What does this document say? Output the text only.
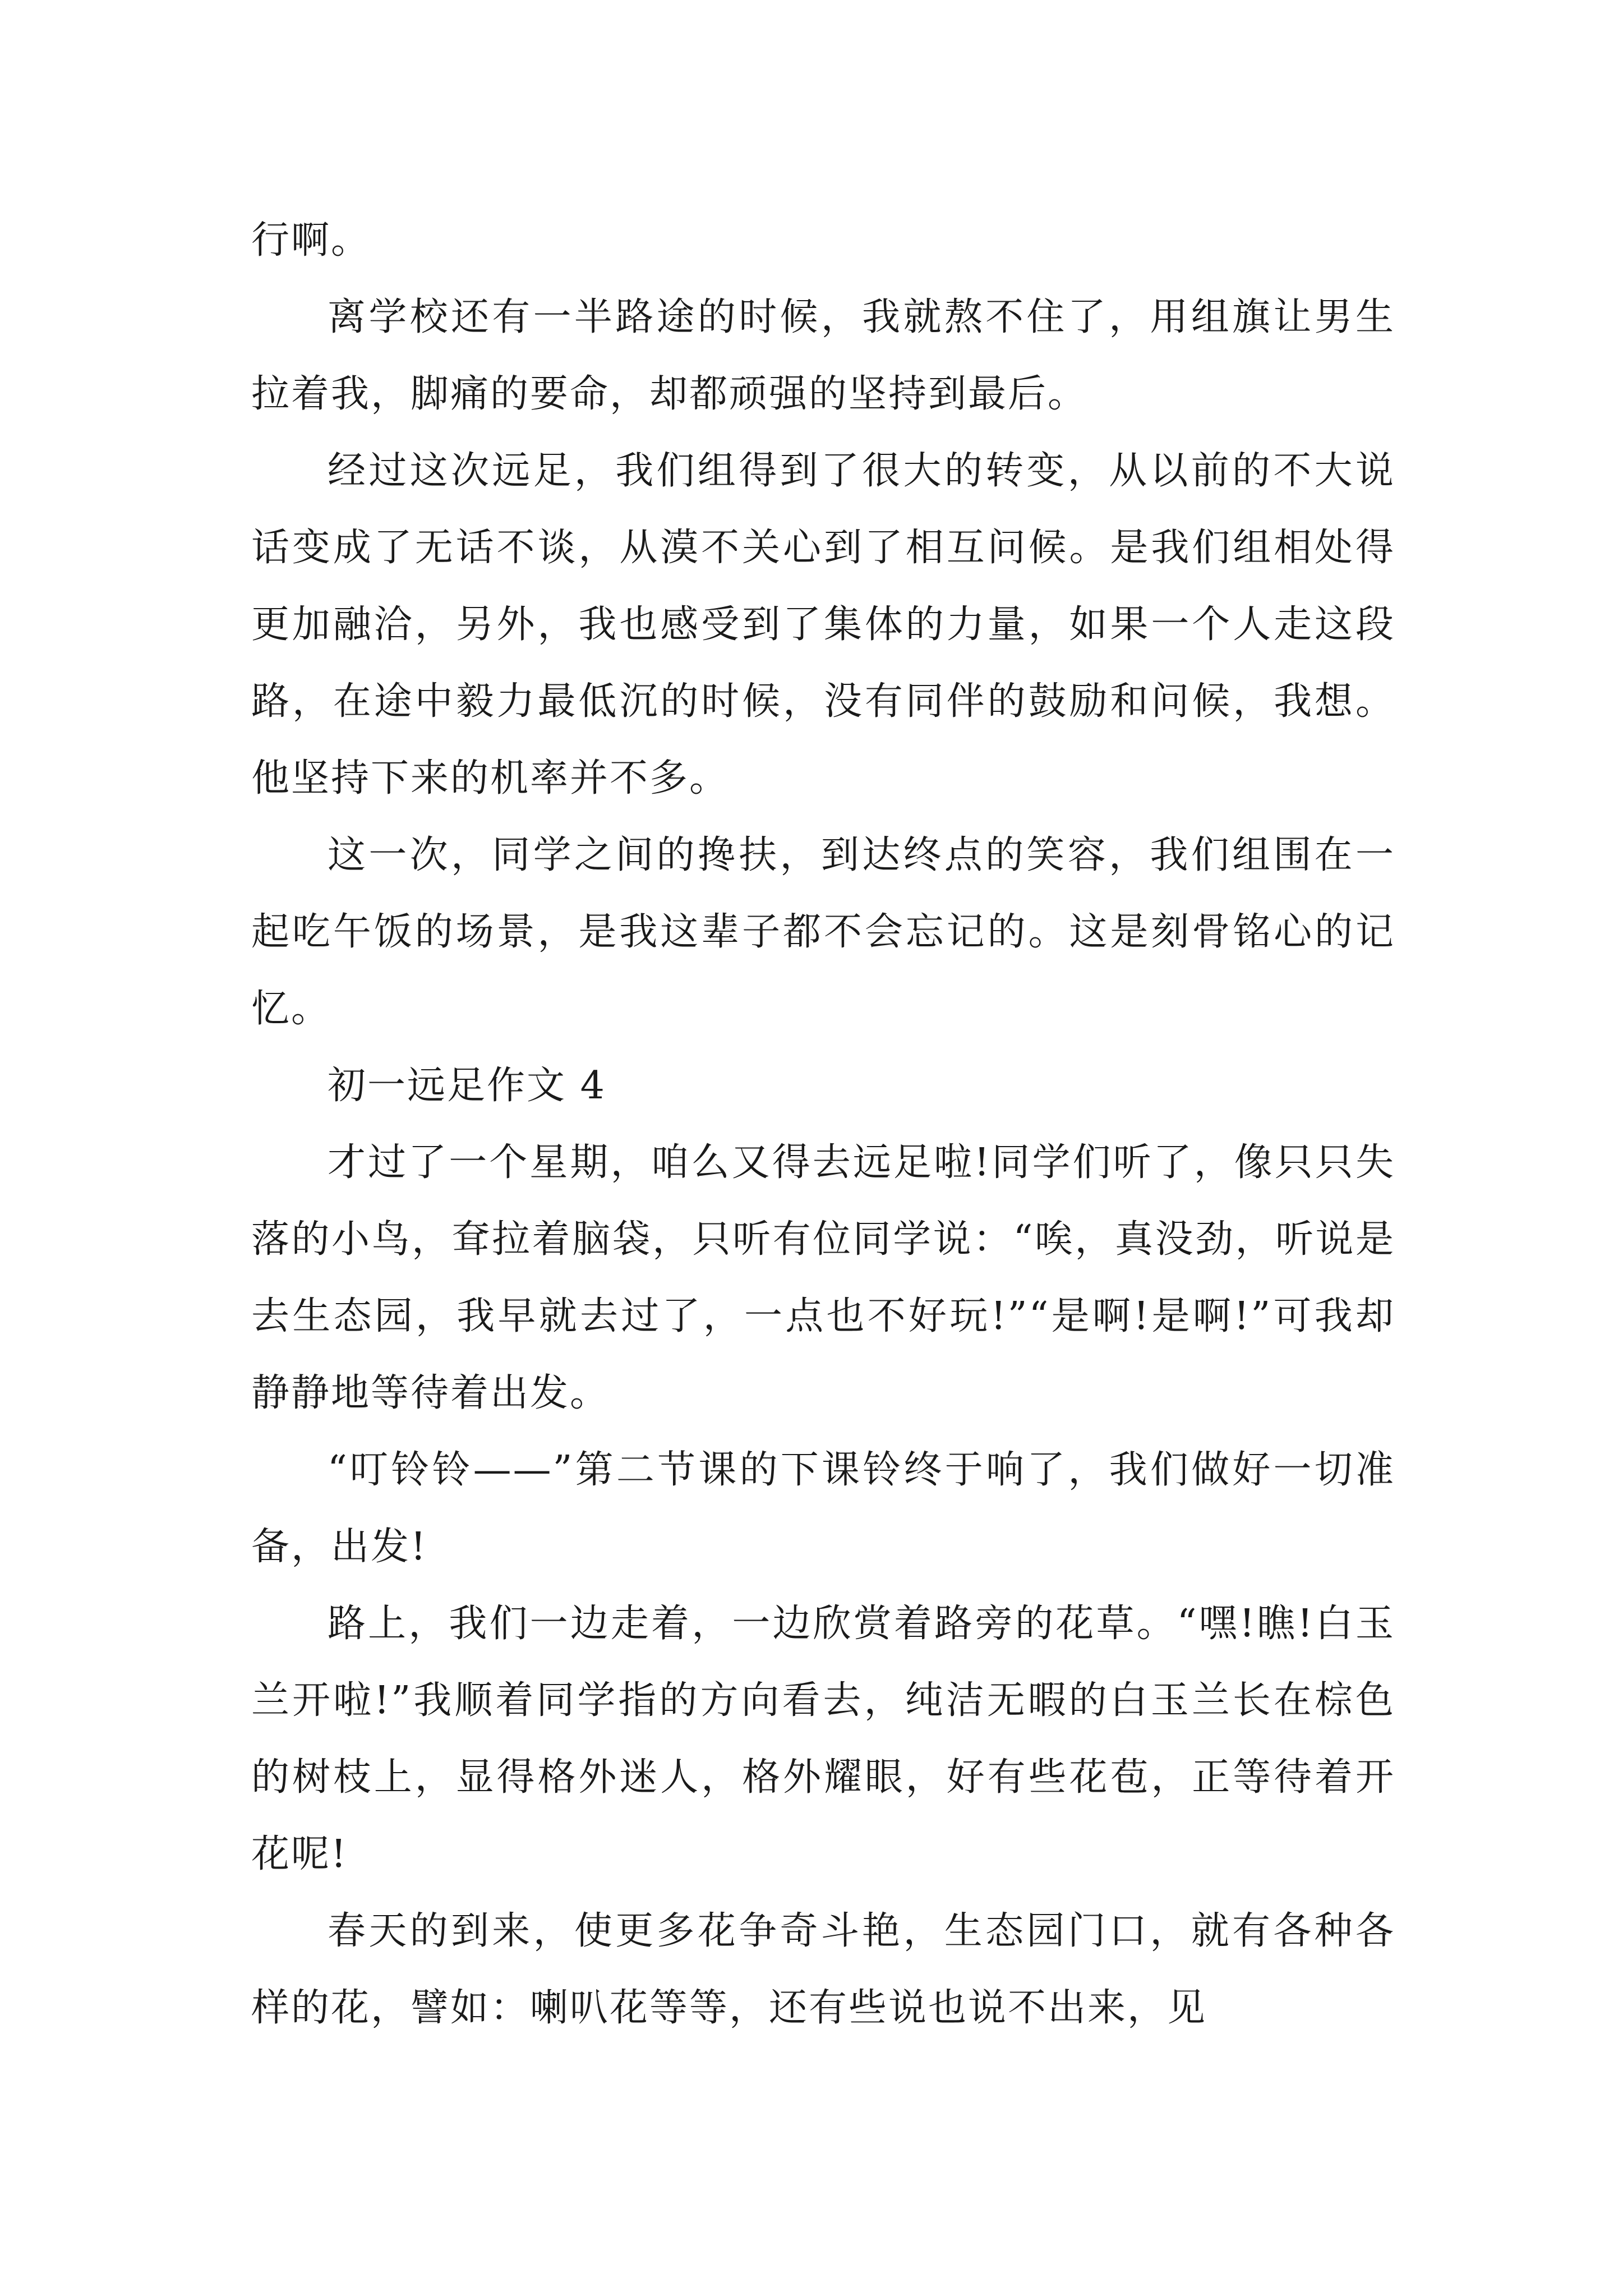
行啊。

离学校还有一半路途的时候，我就熬不住了，用组旗让男生拉着我，脚痛的要命，却都顽强的坚持到最后。

经过这次远足，我们组得到了很大的转变，从以前的不大说话变成了无话不谈，从漠不关心到了相互问候。是我们组相处得更加融洽，另外，我也感受到了集体的力量，如果一个人走这段路，在途中毅力最低沉的时候，没有同伴的鼓励和问候，我想。他坚持下来的机率并不多。

这一次，同学之间的搀扶，到达终点的笑容，我们组围在一起吃午饭的场景，是我这辈子都不会忘记的。这是刻骨铭心的记忆。

初一远足作文 4

才过了一个星期，咱么又得去远足啦!同学们听了，像只只失落的小鸟，耷拉着脑袋，只听有位同学说：“唉，真没劲，听说是去生态园，我早就去过了，一点也不好玩!”“是啊!是啊!”可我却静静地等待着出发。

“叮铃铃——”第二节课的下课铃终于响了，我们做好一切准备，出发!

路上，我们一边走着，一边欣赏着路旁的花草。“嘿!瞧!白玉兰开啦!”我顺着同学指的方向看去，纯洁无暇的白玉兰长在棕色的树枝上，显得格外迷人，格外耀眼，好有些花苞，正等待着开花呢!

春天的到来，使更多花争奇斗艳，生态园门口，就有各种各样的花，譬如：喇叭花等等，还有些说也说不出来，见
